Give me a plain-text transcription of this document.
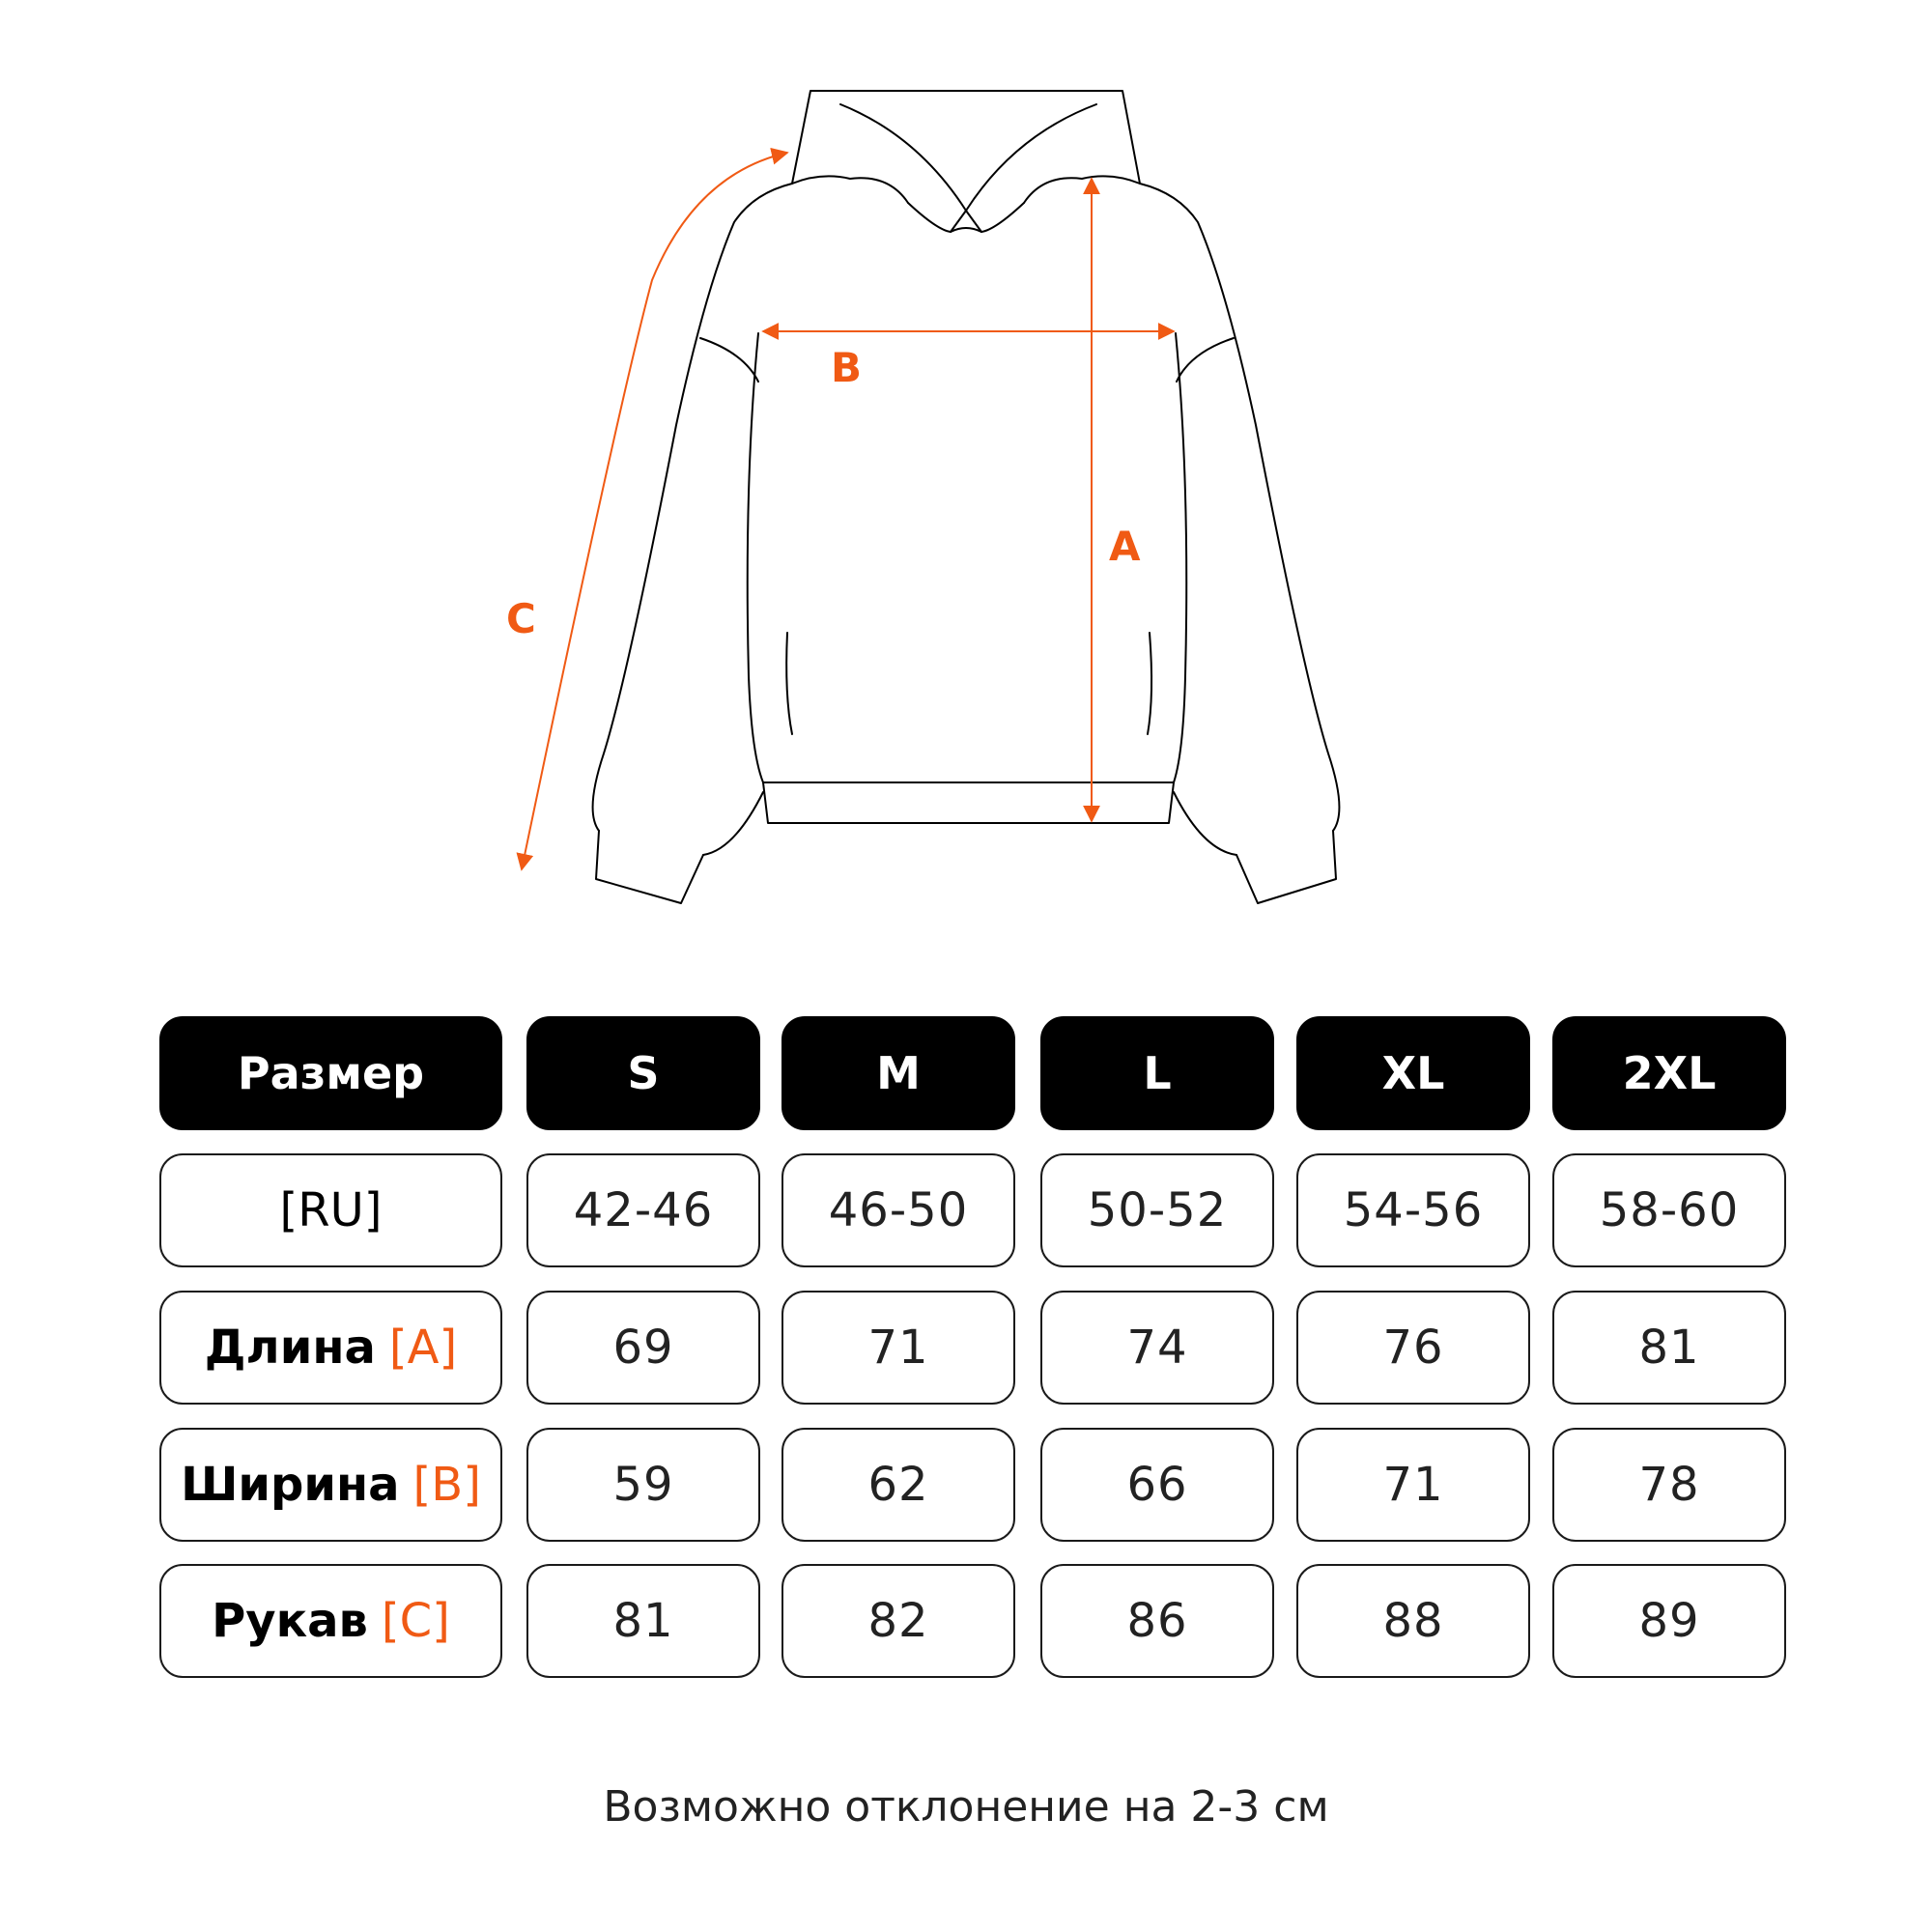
A
B
C
Размер	S	M	L	XL	2XL
[RU]	42-46	46-50	50-52	54-56	58-60
Длина [A]	69	71	74	76	81
Ширина [B]	59	62	66	71	78
Рукав [C]	81	82	86	88	89
Возможно отклонение на 2-3 см
